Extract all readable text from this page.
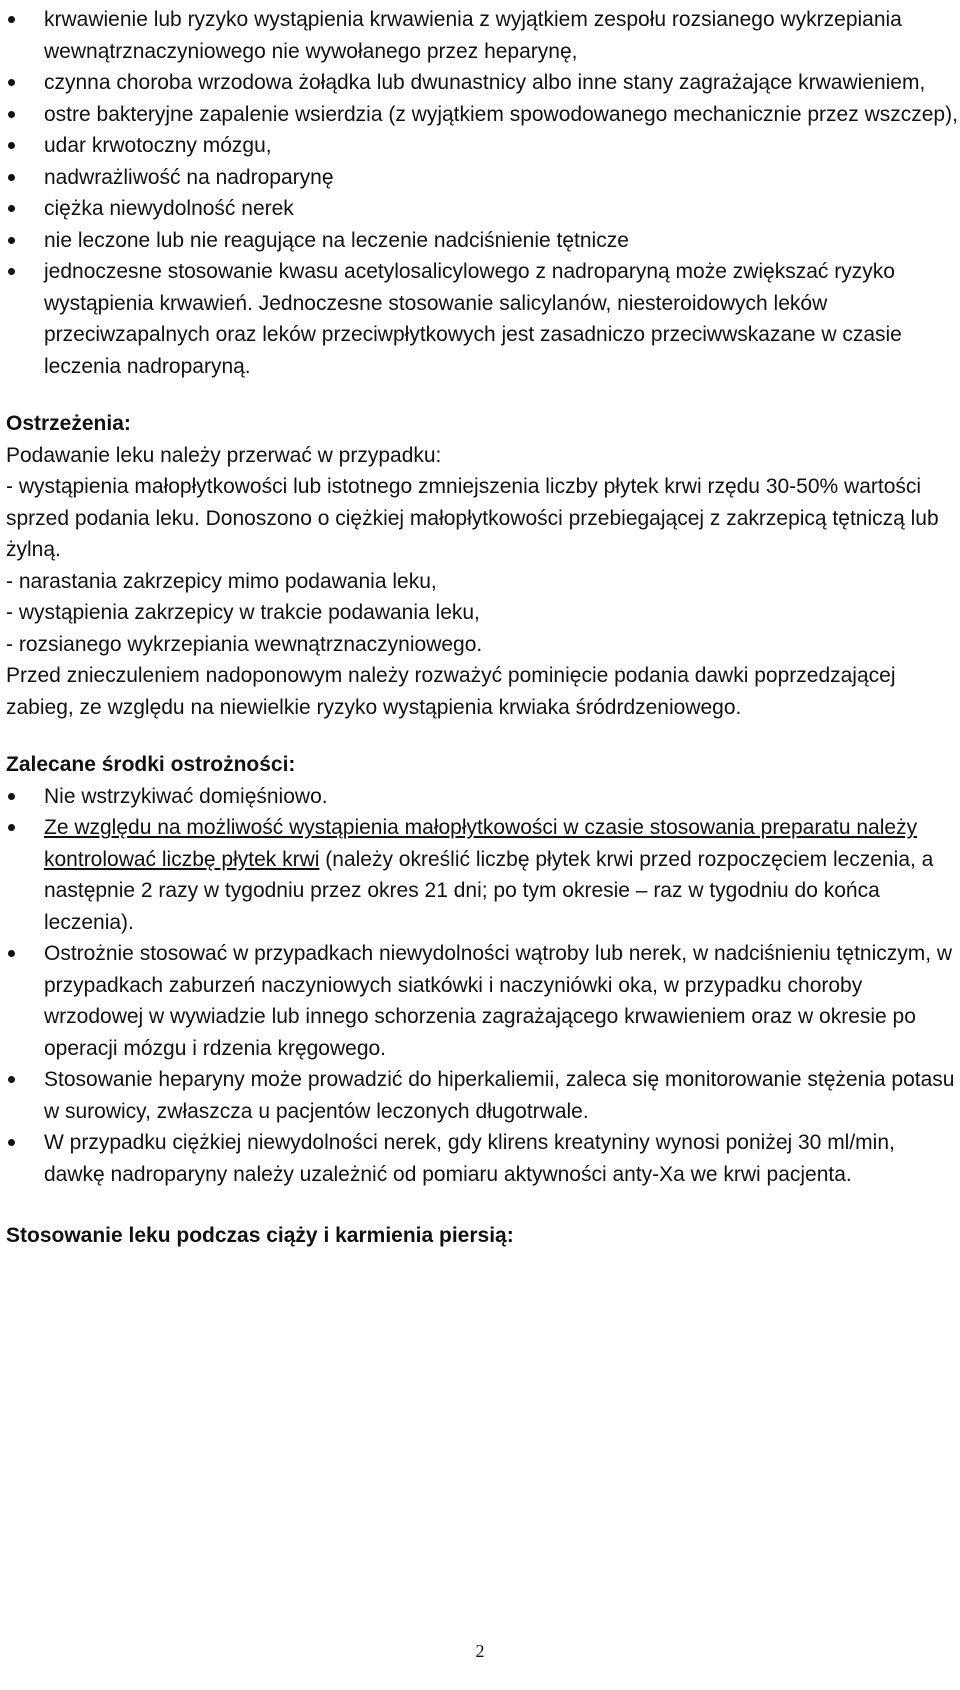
krwawienie lub ryzyko wystąpienia krwawienia z wyjątkiem zespołu rozsianego wykrzepiania wewnątrznaczyniowego nie wywołanego przez heparynę,
czynna choroba wrzodowa żołądka lub dwunastnicy albo inne stany zagrażające krwawieniem,
ostre bakteryjne zapalenie wsierdzia (z wyjątkiem spowodowanego mechanicznie przez wszczep),
udar krwotoczny mózgu,
nadwrażliwość na nadroparynę
ciężka niewydolność nerek
nie leczone lub nie reagujące na leczenie nadciśnienie tętnicze
jednoczesne stosowanie kwasu acetylosalicylowego z nadroparyną może zwiększać ryzyko wystąpienia krwawień. Jednoczesne stosowanie salicylanów, niesteroidowych leków przeciwzapalnych oraz leków przeciwpłytkowych jest zasadniczo przeciwwskazane w czasie leczenia nadroparyną.
Ostrzeżenia:
Podawanie leku należy przerwać w przypadku:
- wystąpienia małopłytkowości lub istotnego zmniejszenia liczby płytek krwi rzędu 30-50% wartości sprzed podania leku. Donoszono o ciężkiej małopłytkowości przebiegającej z zakrzepicą tętniczą lub żylną.
- narastania zakrzepicy mimo podawania leku,
- wystąpienia zakrzepicy w trakcie podawania leku,
- rozsianego wykrzepiania wewnątrznaczyniowego.
Przed znieczuleniem nadoponowym należy rozważyć pominięcie podania dawki poprzedzającej zabieg, ze względu na niewielkie ryzyko wystąpienia krwiaka śródrdzeniowego.
Zalecane środki ostrożności:
Nie wstrzykiwać domięśniowo.
Ze względu na możliwość wystąpienia małopłytkowości w czasie stosowania preparatu należy kontrolować liczbę płytek krwi (należy określić liczbę płytek krwi przed rozpoczęciem leczenia, a następnie 2 razy w tygodniu przez okres 21 dni; po tym okresie – raz w tygodniu do końca leczenia).
Ostrożnie stosować w przypadkach niewydolności wątroby lub nerek, w nadciśnieniu tętniczym, w przypadkach zaburzeń naczyniowych siatkówki i naczyniówki oka, w przypadku choroby wrzodowej w wywiadzie lub innego schorzenia zagrażającego krwawieniem oraz w okresie po operacji mózgu i rdzenia kręgowego.
Stosowanie heparyny może prowadzić do hiperkaliemii, zaleca się monitorowanie stężenia potasu w surowicy, zwłaszcza u pacjentów leczonych długotrwale.
W przypadku ciężkiej niewydolności nerek, gdy klirens kreatyniny wynosi poniżej 30 ml/min, dawkę nadroparyny należy uzależnić od pomiaru aktywności anty-Xa we krwi pacjenta.
Stosowanie leku podczas ciąży i karmienia piersią:
2
